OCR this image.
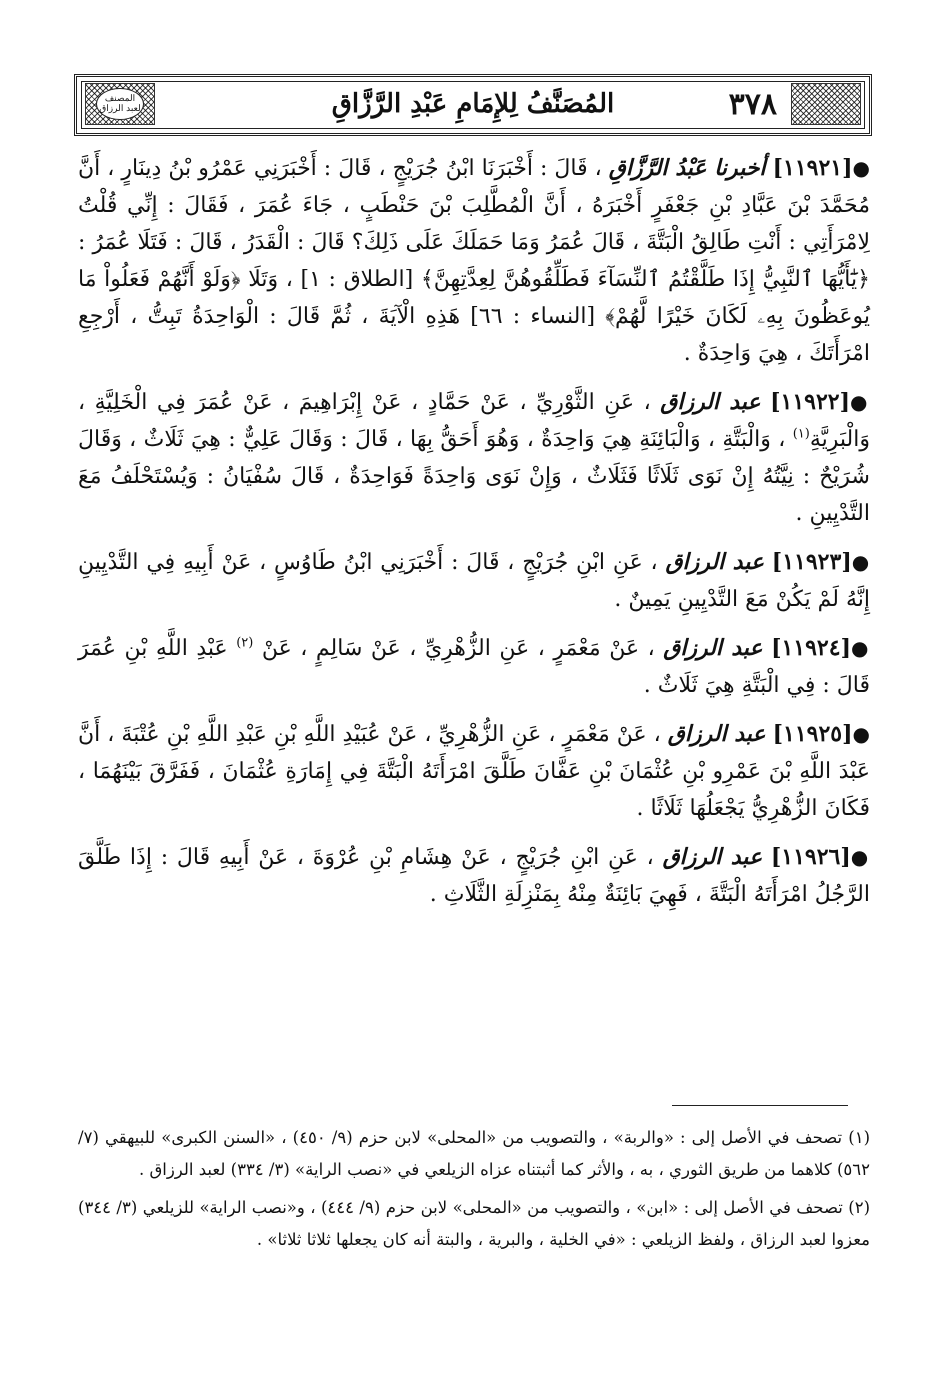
المصنف لعبد الرزاق	٣٧٨
المُصَنَّفُ لِلإِمَامِ عَبْدِ الرَّزَّاقِ

●[١١٩٢١] أخبرنا عَبْدُ الرَّزَّاقِ ، قَالَ : أَخْبَرَنَا ابْنُ جُرَيْجٍ ، قَالَ : أَخْبَرَنِي عَمْرُو بْنُ دِينَارٍ ، أَنَّ مُحَمَّدَ بْنَ عَبَّادِ بْنِ جَعْفَرٍ أَخْبَرَهُ ، أَنَّ الْمُطَّلِبَ بْنَ حَنْطَبٍ ، جَاءَ عُمَرَ ، فَقَالَ : إِنِّي قُلْتُ لِامْرَأَتِي : أَنْتِ طَالِقُ الْبَتَّةَ ، قَالَ عُمَرُ وَمَا حَمَلَكَ عَلَى ذَلِكَ؟ قَالَ : الْقَدَرُ ، قَالَ : فَتَلَا عُمَرُ : ﴿يَٰٓأَيُّهَا ٱلنَّبِيُّ إِذَا طَلَّقْتُمُ ٱلنِّسَآءَ فَطَلِّقُوهُنَّ لِعِدَّتِهِنَّ﴾ [الطلاق : ١] ، وَتَلَا ﴿وَلَوْ أَنَّهُمْ فَعَلُواْ مَا يُوعَظُونَ بِهِۦ لَكَانَ خَيْرًا لَّهُمْ﴾ [النساء : ٦٦] هَذِهِ الْآيَةَ ، ثُمَّ قَالَ : الْوَاحِدَةُ تَبِتُّ ، أَرْجِعِ امْرَأَتَكَ ، هِيَ وَاحِدَةٌ .

●[١١٩٢٢] عبد الرزاق ، عَنِ الثَّوْرِيِّ ، عَنْ حَمَّادٍ ، عَنْ إِبْرَاهِيمَ ، عَنْ عُمَرَ فِي الْخَلِيَّةِ ، وَالْبَرِيَّةِ$^{(١)}$ ، وَالْبَتَّةِ ، وَالْبَائِنَةِ هِيَ وَاحِدَةٌ ، وَهُوَ أَحَقُّ بِهَا ، قَالَ : وَقَالَ عَلِيٌّ : هِيَ ثَلَاثٌ ، وَقَالَ شُرَيْحٌ : نِيَّتُهُ إِنْ نَوَى ثَلَاثًا فَثَلَاثٌ ، وَإِنْ نَوَى وَاحِدَةً فَوَاحِدَةٌ ، قَالَ سُفْيَانُ : وَيُسْتَحْلَفُ مَعَ التَّدْيِينِ .

●[١١٩٢٣] عبد الرزاق ، عَنِ ابْنِ جُرَيْجٍ ، قَالَ : أَخْبَرَنِي ابْنُ طَاوُسٍ ، عَنْ أَبِيهِ فِي التَّدْيِينِ إِنَّهُ لَمْ يَكُنْ مَعَ التَّدْيِينِ يَمِينٌ .

●[١١٩٢٤] عبد الرزاق ، عَنْ مَعْمَرٍ ، عَنِ الزُّهْرِيِّ ، عَنْ سَالِمٍ ، عَنْ $^{(٢)}$ عَبْدِ اللَّهِ بْنِ عُمَرَ قَالَ : فِي الْبَتَّةِ هِيَ ثَلَاثٌ .

●[١١٩٢٥] عبد الرزاق ، عَنْ مَعْمَرٍ ، عَنِ الزُّهْرِيِّ ، عَنْ عُبَيْدِ اللَّهِ بْنِ عَبْدِ اللَّهِ بْنِ عُتْبَةَ ، أَنَّ عَبْدَ اللَّهِ بْنَ عَمْرِو بْنِ عُثْمَانَ بْنِ عَفَّانَ طَلَّقَ امْرَأَتَهُ الْبَتَّةَ فِي إِمَارَةِ عُثْمَانَ ، فَفَرَّقَ بَيْنَهُمَا ، فَكَانَ الزُّهْرِيُّ يَجْعَلُهَا ثَلَاثًا .

●[١١٩٢٦] عبد الرزاق ، عَنِ ابْنِ جُرَيْجٍ ، عَنْ هِشَامِ بْنِ عُرْوَةَ ، عَنْ أَبِيهِ قَالَ : إِذَا طَلَّقَ الرَّجُلُ امْرَأَتَهُ الْبَتَّةَ ، فَهِيَ بَائِنَةٌ مِنْهُ بِمَنْزِلَةِ الثَّلَاثِ .

(١) تصحف في الأصل إلى : «والربة» ، والتصويب من «المحلى» لابن حزم (٩/ ٤٥٠) ، «السنن الكبرى» للبيهقي (٧/ ٥٦٢) كلاهما من طريق الثوري ، به ، والأثر كما أثبتناه عزاه الزيلعي في «نصب الراية» (٣/ ٣٣٤) لعبد الرزاق .

(٢) تصحف في الأصل إلى : «ابن» ، والتصويب من «المحلى» لابن حزم (٩/ ٤٤٤) ، و«نصب الراية» للزيلعي (٣/ ٣٤٤) معزوا لعبد الرزاق ، ولفظ الزيلعي : «في الخلية ، والبرية ، والبتة أنه كان يجعلها ثلاثا ثلاثا» .
